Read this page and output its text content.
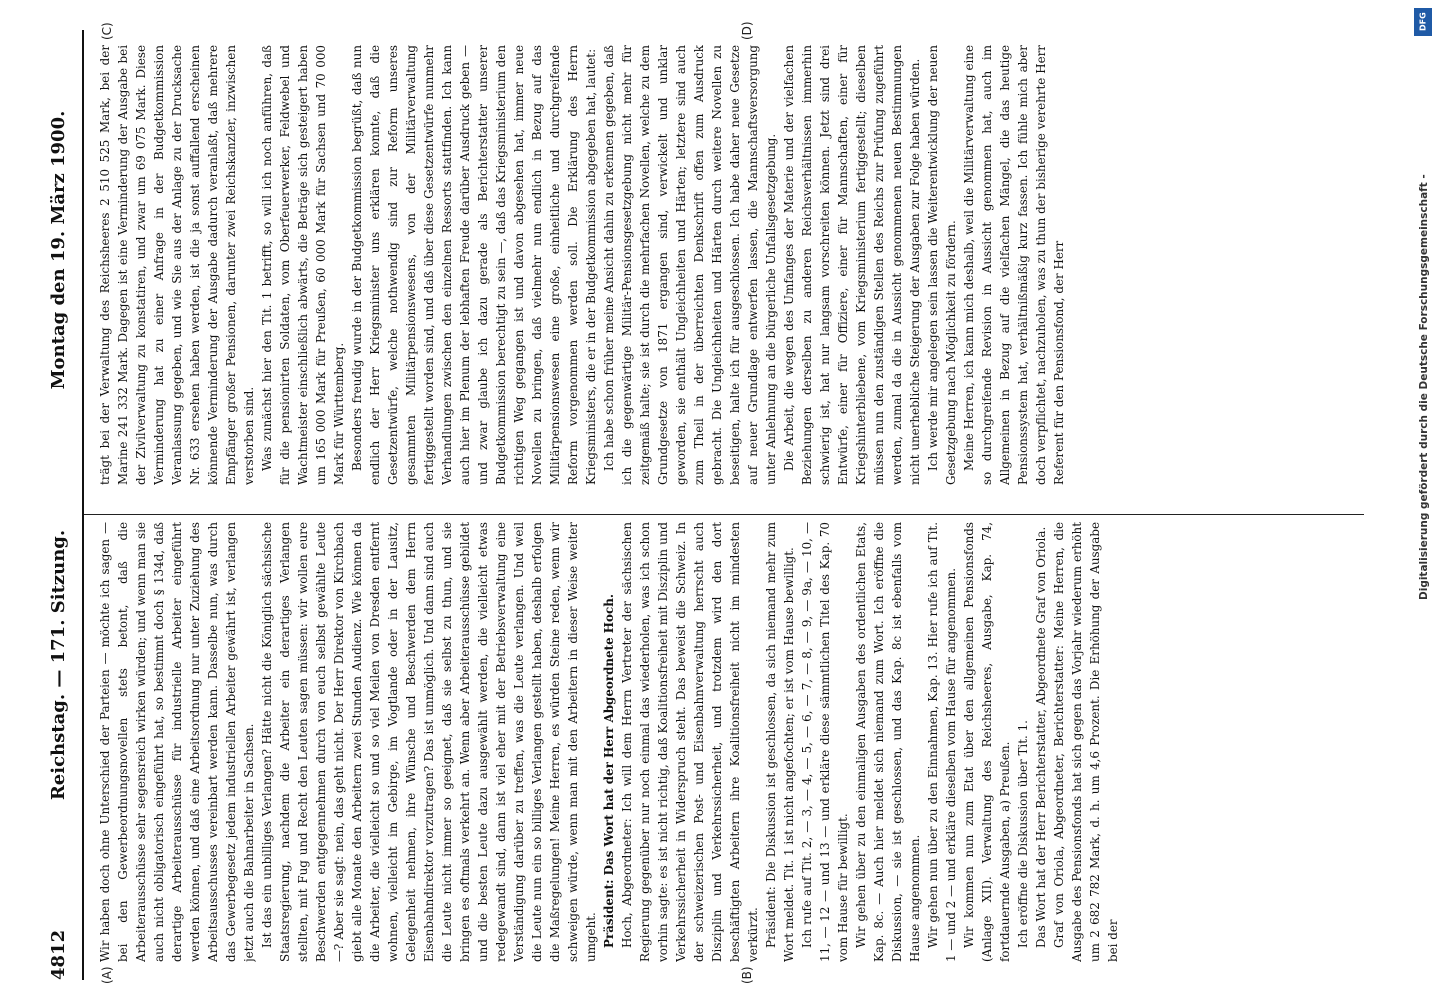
4812
Reichstag. — 171. Sitzung.
Montag den 19. März 1900.
(A)	(B)
(C)	(D)

Wir haben doch ohne Unterschied der Parteien — möchte ich sagen — bei den Gewerbeordnungsnovellen stets betont, daß die Arbeiterausschüsse sehr segensreich wirken würden; und wenn man sie auch nicht obligatorisch eingeführt hat, so bestimmt doch § 134d, daß derartige Arbeiterausschüsse für industrielle Arbeiter eingeführt werden können, und daß eine Arbeitsordnung nur unter Zuziehung des Arbeitsausschusses vereinbart werden kann. Dasselbe nun, was durch das Gewerbegesetz jedem industriellen Arbeiter gewährt ist, verlangen jetzt auch die Bahnarbeiter in Sachsen. Ist das ein unbilliges Verlangen? Hätte nicht die Königlich sächsische Staatsregierung, nachdem die Arbeiter ein derartiges Verlangen stellten, mit Fug und Recht den Leuten sagen müssen: wir wollen eure Beschwerden entgegennehmen durch von euch selbst gewählte Leute —? Aber sie sagt: nein, das geht nicht. Der Herr Direktor von Kirchbach giebt alle Monate den Arbeitern zwei Stunden Audienz. Wie können da die Arbeiter, die vielleicht so und so viel Meilen von Dresden entfernt wohnen, vielleicht im Gebirge, im Vogtlande oder in der Lausitz, Gelegenheit nehmen, ihre Wünsche und Beschwerden dem Herrn Eisenbahndirektor vorzutragen? Das ist unmöglich. Und dann sind auch die Leute nicht immer so geeignet, daß sie selbst zu thun, und sie bringen es oftmals verkehrt an. Wenn aber Arbeiterausschüsse gebildet und die besten Leute dazu ausgewählt werden, die vielleicht etwas redegewandt sind, dann ist viel eher mit der Betriebsverwaltung eine Verständigung darüber zu treffen, was die Leute verlangen. Und weil die Leute nun ein so billiges Verlangen gestellt haben, deshalb erfolgen die Maßregelungen! Meine Herren, es würden Steine reden, wenn wir schweigen würde, wenn man mit den Arbeitern in dieser Weise weiter umgeht. Präsident: Das Wort hat der Herr Abgeordnete Hoch. Hoch, Abgeordneter: Ich will dem Herrn Vertreter der sächsischen Regierung gegenüber nur noch einmal das wiederholen, was ich schon vorhin sagte: es ist nicht richtig, daß Koalitionsfreiheit mit Disziplin und Verkehrssicherheit in Widerspruch steht. Das beweist die Schweiz. In der schweizerischen Post- und Eisenbahnverwaltung herrscht auch Disziplin und Verkehrssicherheit, und trotzdem wird den dort beschäftigten Arbeitern ihre Koalitionsfreiheit nicht im mindesten verkürzt. Präsident: Die Diskussion ist geschlossen, da sich niemand mehr zum Wort meldet. Tit. 1 ist nicht angefochten; er ist vom Hause bewilligt. Ich rufe auf Tit. 2, — 3, — 4, — 5, — 6, — 7, — 8, — 9, — 9a, — 10, — 11, — 12 — und 13 — und erkläre diese sämmtlichen Titel des Kap. 70 vom Hause für bewilligt. Wir gehen über zu den einmaligen Ausgaben des ordentlichen Etats, Kap. 8c. — Auch hier meldet sich niemand zum Wort. Ich eröffne die Diskussion, — sie ist geschlossen, und das Kap. 8c ist ebenfalls vom Hause angenommen. Wir gehen nun über zu den Einnahmen, Kap. 13. Hier rufe ich auf Tit. 1 — und 2 — und erkläre dieselben vom Hause für angenommen. Wir kommen nun zum Etat über den allgemeinen Pensionsfonds (Anlage XII). Verwaltung des Reichsheeres, Ausgabe, Kap. 74, fortdauernde Ausgaben, a) Preußen. Ich eröffne die Diskussion über Tit. 1. Das Wort hat der Herr Berichterstatter, Abgeordnete Graf von Oriola. Graf von Oriola, Abgeordneter, Berichterstatter: Meine Herren, die Ausgabe des Pensionsfonds hat sich gegen das Vorjahr wiederum erhöht um 2 682 782 Mark, d. h. um 4,6 Prozent. Die Erhöhung der Ausgabe bei der

trägt bei der Verwaltung des Reichsheeres 2 510 525 Mark, bei der Marine 241 332 Mark. Dagegen ist eine Verminderung der Ausgabe bei der Zivilverwaltung zu konstatiren, und zwar um 69 075 Mark. Diese Verminderung hat zu einer Anfrage in der Budgetkommission Veranlassung gegeben, und wie Sie aus der Anlage zu der Drucksache Nr. 633 ersehen haben werden, ist die ja sonst auffallend erscheinen könnende Verminderung der Ausgabe dadurch veranlaßt, daß mehrere Empfänger großer Pensionen, darunter zwei Reichskanzler, inzwischen verstorben sind. Was zunächst hier den Tit. 1 betrifft, so will ich noch anführen, daß für die pensionirten Soldaten, vom Oberfeuerwerker, Feldwebel und Wachtmeister einschließlich abwärts, die Beträge sich gesteigert haben um 165 000 Mark für Preußen, 60 000 Mark für Sachsen und 70 000 Mark für Württemberg. Besonders freudig wurde in der Budgetkommission begrüßt, daß nun endlich der Herr Kriegsminister uns erklären konnte, daß die Gesetzentwürfe, welche nothwendig sind zur Reform unseres gesammten Militärpensionswesens, von der Militärverwaltung fertiggestellt worden sind, und daß über diese Gesetzentwürfe nunmehr Verhandlungen zwischen den einzelnen Ressorts stattfinden. Ich kann auch hier im Plenum der lebhaften Freude darüber Ausdruck geben — und zwar glaube ich dazu gerade als Berichterstatter unserer Budgetkommission berechtigt zu sein —, daß das Kriegsministerium den richtigen Weg gegangen ist und davon abgesehen hat, immer neue Novellen zu bringen, daß vielmehr nun endlich in Bezug auf das Militärpensionswesen eine große, einheitliche und durchgreifende Reform vorgenommen werden soll. Die Erklärung des Herrn Kriegsministers, die er in der Budgetkommission abgegeben hat, lautet: Ich habe schon früher meine Ansicht dahin zu erkennen gegeben, daß ich die gegenwärtige Militär-Pensionsgesetzgebung nicht mehr für zeitgemäß halte; sie ist durch die mehrfachen Novellen, welche zu dem Grundgesetze von 1871 ergangen sind, verwickelt und unklar geworden, sie enthält Ungleichheiten und Härten; letztere sind auch zum Theil in der überreichten Denkschrift offen zum Ausdruck gebracht. Die Ungleichheiten und Härten durch weitere Novellen zu beseitigen, halte ich für ausgeschlossen. Ich habe daher neue Gesetze auf neuer Grundlage entwerfen lassen, die Mannschaftsversorgung unter Anlehnung an die bürgerliche Unfallsgesetzgebung. Die Arbeit, die wegen des Umfanges der Materie und der vielfachen Beziehungen derselben zu anderen Reichsverhältnissen immerhin schwierig ist, hat nur langsam vorschreiten können. Jetzt sind drei Entwürfe, einer für Offiziere, einer für Mannschaften, einer für Kriegshinterbliebene, vom Kriegsministerium fertiggestellt; dieselben müssen nun den zuständigen Stellen des Reichs zur Prüfung zugeführt werden, zumal da die in Aussicht genommenen neuen Bestimmungen nicht unerhebliche Steigerung der Ausgaben zur Folge haben würden. Ich werde mir angelegen sein lassen die Weiterentwicklung der neuen Gesetzgebung nach Möglichkeit zu fördern. Meine Herren, ich kann mich deshalb, weil die Militärverwaltung eine so durchgreifende Revision in Aussicht genommen hat, auch im Allgemeinen in Bezug auf die vielfachen Mängel, die das heutige Pensionssystem hat, verhältnißmäßig kurz fassen. Ich fühle mich aber doch verpflichtet, nachzuholen, was zu thun der bisherige verehrte Herr Referent für den Pensionsfond, der Herr

DFG
Digitalisierung gefördert durch die Deutsche Forschungsgemeinschaft -
